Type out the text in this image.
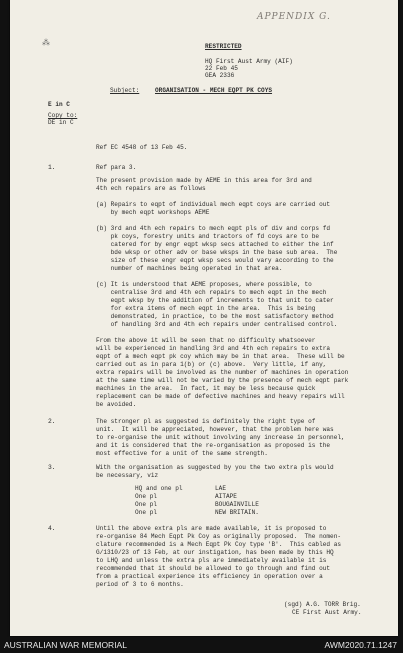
APPENDIX G.
⁂	RESTRICTED
HQ First Aust Army (AIF)
22 Feb 45
GEA 2336
Subject:	ORGANISATION - MECH EQPT PK COYS
E in C
Copy to:
DE in C
Ref EC 4548 of 13 Feb 45.
1.	Ref para 3.
The present provision made by AEME in this area for 3rd and
4th ech repairs are as follows
(a) Repairs to eqpt of individual mech eqpt coys are carried out
by mech eqpt workshops AEME
(b) 3rd and 4th ech repairs to mech eqpt pls of div and corps fd
pk coys, forestry units and tractors of fd coys are to be
catered for by engr eqpt wksp secs attached to either the inf
bde wksp or other adv or base wksps in the base sub area.  The
size of these engr eqpt wksp secs would vary according to the
number of machines being operated in that area.
(c) It is understood that AEME proposes, where possible, to
centralise 3rd and 4th ech repairs to mech eqpt in the mech
eqpt wksp by the addition of increments to that unit to cater
for extra items of mech eqpt in the area.  This is being
demonstrated, in practice, to be the most satisfactory method
of handling 3rd and 4th ech repairs under centralised control.
From the above it will be seen that no difficulty whatsoever
will be experienced in handling 3rd and 4th ech repairs to extra
eqpt of a mech eqpt pk coy which may be in that area.  These will be
carried out as in para 1(b) or (c) above.  Very little, if any,
extra repairs will be involved as the number of machines in operation
at the same time will not be varied by the presence of mech eqpt park
machines in the area.  In fact, it may be less because quick
replacement can be made of defective machines and heavy repairs will
be avoided.
2.	The stronger pl as suggested is definitely the right type of
unit.  It will be appreciated, however, that the problem here was
to re-organise the unit without involving any increase in personnel,
and it is considered that the re-organisation as proposed is the
most effective for a unit of the same strength.
3.	With the organisation as suggested by you the two extra pls would
be necessary, viz
HQ and one pl	LAE
One pl	AITAPE
One pl	BOUGAINVILLE
One pl	NEW BRITAIN.
4.	Until the above extra pls are made available, it is proposed to
re-organise 84 Mech Eqpt Pk Coy as originally proposed.  The nomen-
clature recommended is a Mech Eqpt Pk Coy type 'B'.  This cabled as
G/1310/23 of 13 Feb, at our instigation, has been made by this HQ
to LHQ and unless the extra pls are immediately available it is
recommended that it should be allowed to go through and find out
from a practical experience its efficiency in operation over a
period of 3 to 6 months.
(sgd) A.G. TORR Brig.
CE First Aust Army.
AUSTRALIAN WAR MEMORIAL	AWM2020.71.1247
